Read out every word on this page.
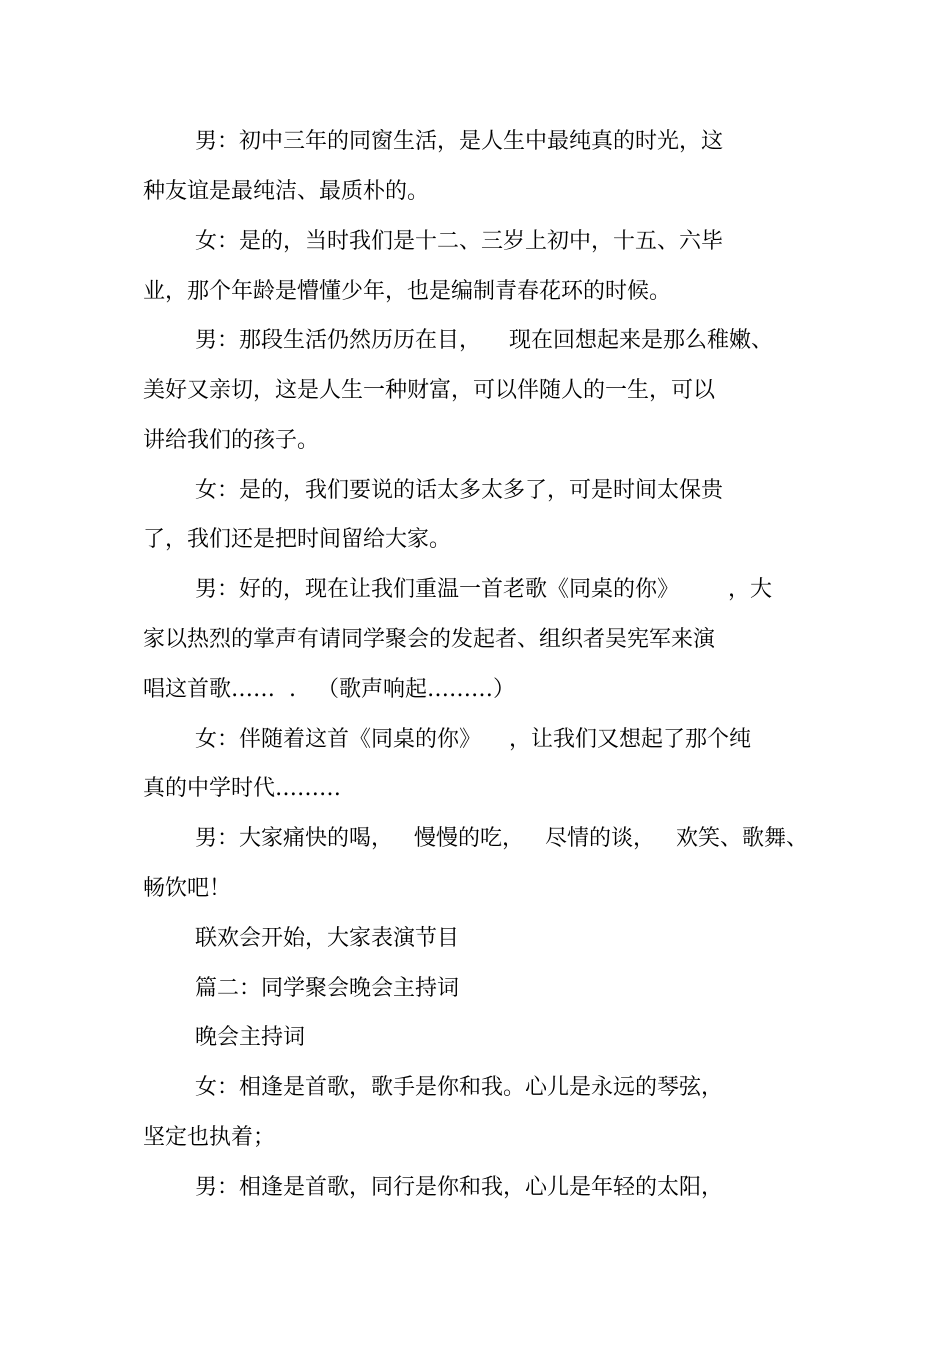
男：初中三年的同窗生活，是人生中最纯真的时光，这
种友谊是最纯洁、最质朴的。
女：是的，当时我们是十二、三岁上初中，十五、六毕
业，那个年龄是懵懂少年，也是编制青春花环的时候。
男：那段生活仍然历历在目，    现在回想起来是那么稚嫩、
美好又亲切，这是人生一种财富，可以伴随人的一生，可以
讲给我们的孩子。
女：是的，我们要说的话太多太多了，可是时间太保贵
了，我们还是把时间留给大家。
男：好的，现在让我们重温一首老歌《同桌的你》       ，大
家以热烈的掌声有请同学聚会的发起者、组织者吴宪军来演
唱这首歌……  .   （歌声响起………）
女：伴随着这首《同桌的你》    ，让我们又想起了那个纯
真的中学时代………
男：大家痛快的喝，   慢慢的吃，   尽情的谈，   欢笑、歌舞、
畅饮吧！
联欢会开始，大家表演节目
篇二：同学聚会晚会主持词
晚会主持词
女：相逢是首歌，歌手是你和我。心儿是永远的琴弦，
坚定也执着；
男：相逢是首歌，同行是你和我，心儿是年轻的太阳，
